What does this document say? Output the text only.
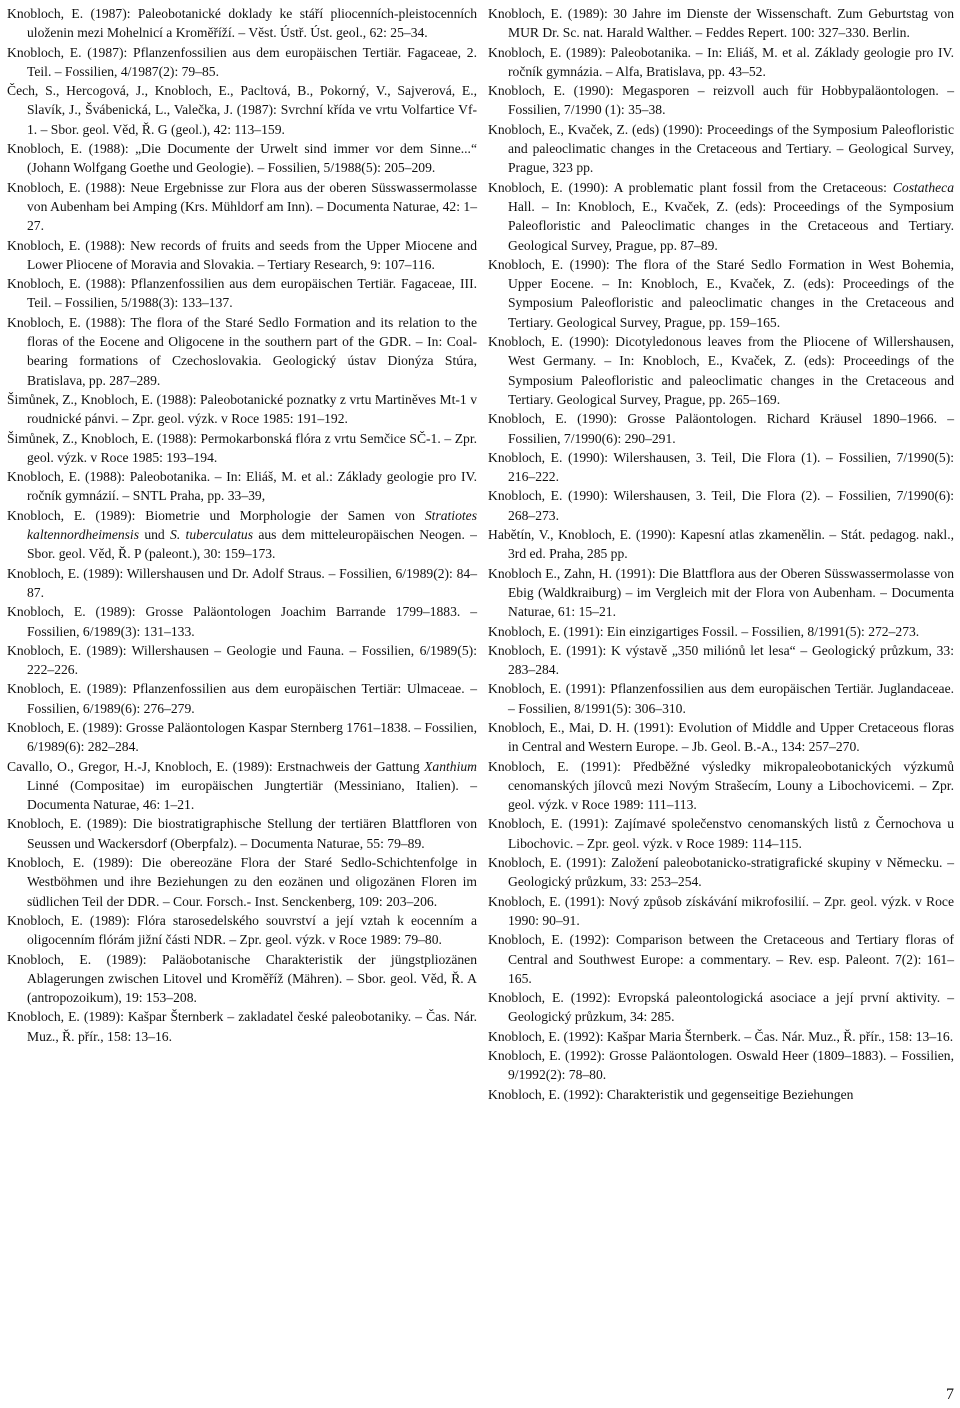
Knobloch, E. (1987): Paleobotanické doklady ke stáří pliocenních-pleistocenních uloženin mezi Mohelnicí a Kroměříží. – Věst. Ústř. Úst. geol., 62: 25–34.

Knobloch, E. (1987): Pflanzenfossilien aus dem europäischen Tertiär. Fagaceae, 2. Teil. – Fossilien, 4/1987(2): 79–85.

Čech, S., Hercogová, J., Knobloch, E., Pacltová, B., Pokorný, V., Sajverová, E., Slavík, J., Švábenická, L., Valečka, J. (1987): Svrchní křída ve vrtu Volfartice Vf-1. – Sbor. geol. Věd, Ř. G (geol.), 42: 113–159.

Knobloch, E. (1988): „Die Documente der Urwelt sind immer vor dem Sinne...“ (Johann Wolfgang Goethe und Geologie). – Fossilien, 5/1988(5): 205–209.

Knobloch, E. (1988): Neue Ergebnisse zur Flora aus der oberen Süsswassermolasse von Aubenham bei Amping (Krs. Mühldorf am Inn). – Documenta Naturae, 42: 1–27.

Knobloch, E. (1988): New records of fruits and seeds from the Upper Miocene and Lower Pliocene of Moravia and Slovakia. – Tertiary Research, 9: 107–116.

Knobloch, E. (1988): Pflanzenfossilien aus dem europäischen Tertiär. Fagaceae, III. Teil. – Fossilien, 5/1988(3): 133–137.

Knobloch, E. (1988): The flora of the Staré Sedlo Formation and its relation to the floras of the Eocene and Oligocene in the southern part of the GDR. – In: Coal-bearing formations of Czechoslovakia. Geologický ústav Dionýza Stúra, Bratislava, pp. 287–289.

Šimůnek, Z., Knobloch, E. (1988): Paleobotanické poznatky z vrtu Martiněves Mt-1 v roudnické pánvi. – Zpr. geol. výzk. v Roce 1985: 191–192.

Šimůnek, Z., Knobloch, E. (1988): Permokarbonská flóra z vrtu Semčice SČ-1. – Zpr. geol. výzk. v Roce 1985: 193–194.

Knobloch, E. (1988): Paleobotanika. – In: Eliáš, M. et al.: Základy geologie pro IV. ročník gymnázií. – SNTL Praha, pp. 33–39,

Knobloch, E. (1989): Biometrie und Morphologie der Samen von Stratiotes kaltennordheimensis und S. tuberculatus aus dem mitteleuropäischen Neogen. – Sbor. geol. Věd, Ř. P (paleont.), 30: 159–173.

Knobloch, E. (1989): Willershausen und Dr. Adolf Straus. – Fossilien, 6/1989(2): 84–87.

Knobloch, E. (1989): Grosse Paläontologen Joachim Barrande 1799–1883. – Fossilien, 6/1989(3): 131–133.

Knobloch, E. (1989): Willershausen – Geologie und Fauna. – Fossilien, 6/1989(5): 222–226.

Knobloch, E. (1989): Pflanzenfossilien aus dem europäischen Tertiär: Ulmaceae. – Fossilien, 6/1989(6): 276–279.

Knobloch, E. (1989): Grosse Paläontologen Kaspar Sternberg 1761–1838. – Fossilien, 6/1989(6): 282–284.

Cavallo, O., Gregor, H.-J, Knobloch, E. (1989): Erstnachweis der Gattung Xanthium Linné (Compositae) im europäischen Jungtertiär (Messiniano, Italien). – Documenta Naturae, 46: 1–21.

Knobloch, E. (1989): Die biostratigraphische Stellung der tertiären Blattfloren von Seussen und Wackersdorf (Oberpfalz). – Documenta Naturae, 55: 79–89.

Knobloch, E. (1989): Die obereozäne Flora der Staré Sedlo-Schichtenfolge in Westböhmen und ihre Beziehungen zu den eozänen und oligozänen Floren im südlichen Teil der DDR. – Cour. Forsch.- Inst. Senckenberg, 109: 203–206.

Knobloch, E. (1989): Flóra starosedelského souvrství a její vztah k eocenním a oligocenním flórám jižní části NDR. – Zpr. geol. výzk. v Roce 1989: 79–80.

Knobloch, E. (1989): Paläobotanische Charakteristik der jüngstpliozänen Ablagerungen zwischen Litovel und Kroměříž (Mähren). – Sbor. geol. Věd, Ř. A (antropozoikum), 19: 153–208.

Knobloch, E. (1989): Kašpar Šternberk – zakladatel české paleobotaniky. – Čas. Nár. Muz., Ř. přír., 158: 13–16.

Knobloch, E. (1989): 30 Jahre im Dienste der Wissenschaft. Zum Geburtstag von MUR Dr. Sc. nat. Harald Walther. – Feddes Repert. 100: 327–330. Berlin.

Knobloch, E. (1989): Paleobotanika. – In: Eliáš, M. et al. Základy geologie pro IV. ročník gymnázia. – Alfa, Bratislava, pp. 43–52.

Knobloch, E. (1990): Megasporen – reizvoll auch für Hobbypaläontologen. – Fossilien, 7/1990 (1): 35–38.

Knobloch, E., Kvaček, Z. (eds) (1990): Proceedings of the Symposium Paleofloristic and paleoclimatic changes in the Cretaceous and Tertiary. – Geological Survey, Prague, 323 pp.

Knobloch, E. (1990): A problematic plant fossil from the Cretaceous: Costatheca Hall. – In: Knobloch, E., Kvaček, Z. (eds): Proceedings of the Symposium Paleofloristic and Paleoclimatic changes in the Cretaceous and Tertiary. Geological Survey, Prague, pp. 87–89.

Knobloch, E. (1990): The flora of the Staré Sedlo Formation in West Bohemia, Upper Eocene. – In: Knobloch, E., Kvaček, Z. (eds): Proceedings of the Symposium Paleofloristic and paleoclimatic changes in the Cretaceous and Tertiary. Geological Survey, Prague, pp. 159–165.

Knobloch, E. (1990): Dicotyledonous leaves from the Pliocene of Willershausen, West Germany. – In: Knobloch, E., Kvaček, Z. (eds): Proceedings of the Symposium Paleofloristic and paleoclimatic changes in the Cretaceous and Tertiary. Geological Survey, Prague, pp. 265–169.

Knobloch, E. (1990): Grosse Paläontologen. Richard Kräusel 1890–1966. – Fossilien, 7/1990(6): 290–291.

Knobloch, E. (1990): Wilershausen, 3. Teil, Die Flora (1). – Fossilien, 7/1990(5): 216–222.

Knobloch, E. (1990): Wilershausen, 3. Teil, Die Flora (2). – Fossilien, 7/1990(6): 268–273.

Habětín, V., Knobloch, E. (1990): Kapesní atlas zkamenělin. – Stát. pedagog. nakl., 3rd ed. Praha, 285 pp.

Knobloch E., Zahn, H. (1991): Die Blattflora aus der Oberen Süsswassermolasse von Ebig (Waldkraiburg) – im Vergleich mit der Flora von Aubenham. – Documenta Naturae, 61: 15–21.

Knobloch, E. (1991): Ein einzigartiges Fossil. – Fossilien, 8/1991(5): 272–273.

Knobloch, E. (1991): K výstavě „350 miliónů let lesa“ – Geologický průzkum, 33: 283–284.

Knobloch, E. (1991): Pflanzenfossilien aus dem europäischen Tertiär. Juglandaceae. – Fossilien, 8/1991(5): 306–310.

Knobloch, E., Mai, D. H. (1991): Evolution of Middle and Upper Cretaceous floras in Central and Western Europe. – Jb. Geol. B.-A., 134: 257–270.

Knobloch, E. (1991): Předběžné výsledky mikropaleobotanických výzkumů cenomanských jílovců mezi Novým Strašecím, Louny a Libochovicemi. – Zpr. geol. výzk. v Roce 1989: 111–113.

Knobloch, E. (1991): Zajímavé společenstvo cenomanských listů z Černochova u Libochovic. – Zpr. geol. výzk. v Roce 1989: 114–115.

Knobloch, E. (1991): Založení paleobotanicko-stratigrafické skupiny v Německu. – Geologický průzkum, 33: 253–254.

Knobloch, E. (1991): Nový způsob získávání mikrofosilií. – Zpr. geol. výzk. v Roce 1990: 90–91.

Knobloch, E. (1992): Comparison between the Cretaceous and Tertiary floras of Central and Southwest Europe: a commentary. – Rev. esp. Paleont. 7(2): 161–165.

Knobloch, E. (1992): Evropská paleontologická asociace a její první aktivity. – Geologický průzkum, 34: 285.

Knobloch, E. (1992): Kašpar Maria Šternberk. – Čas. Nár. Muz., Ř. přír., 158: 13–16.

Knobloch, E. (1992): Grosse Paläontologen. Oswald Heer (1809–1883). – Fossilien, 9/1992(2): 78–80.

Knobloch, E. (1992): Charakteristik und gegenseitige Beziehungen

7
